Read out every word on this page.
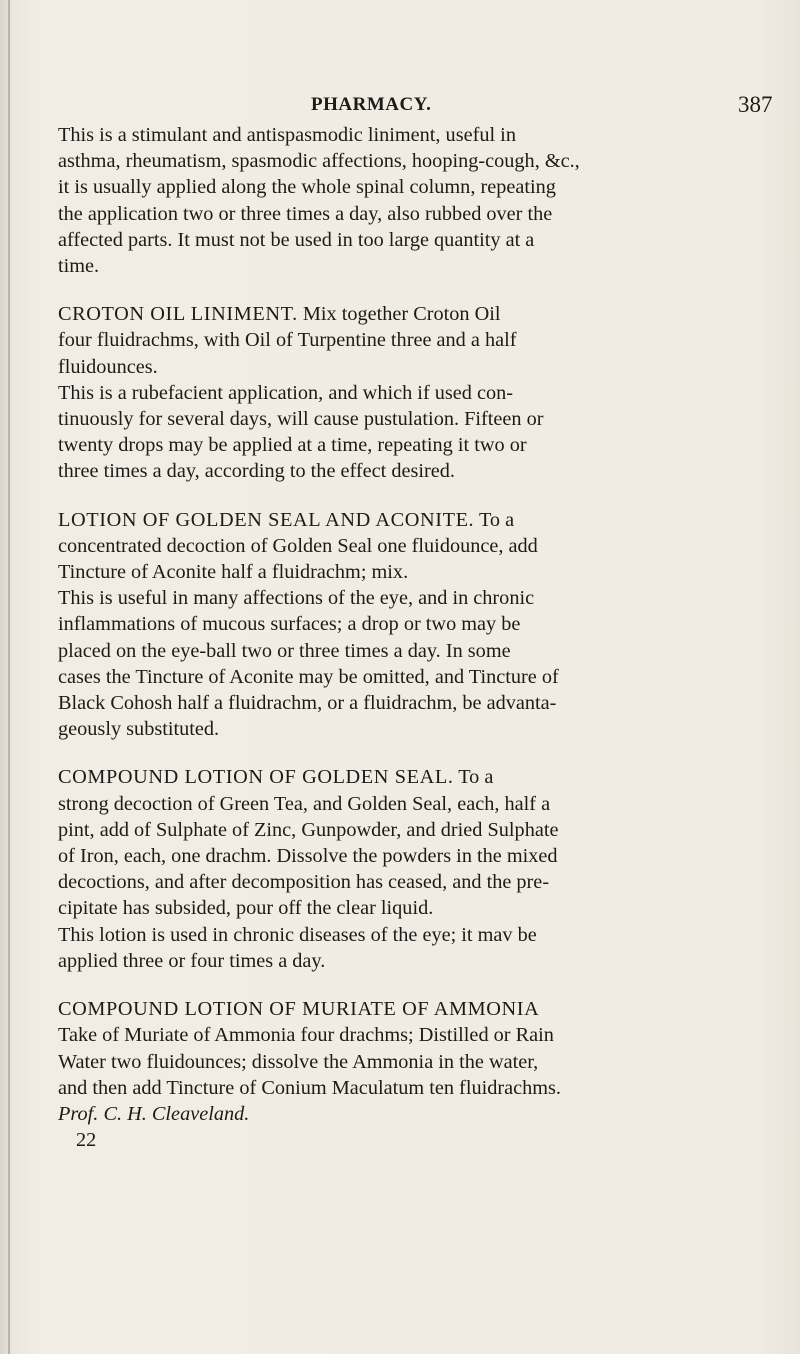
PHARMACY.	387

This is a stimulant and antispasmodic liniment, useful in
asthma, rheumatism, spasmodic affections, hooping-cough, &c.,
it is usually applied along the whole spinal column, repeating
the application two or three times a day, also rubbed over the
affected parts. It must not be used in too large quantity at a
time.

CROTON OIL LINIMENT. Mix together Croton Oil
four fluidrachms, with Oil of Turpentine three and a half
fluidounces.
This is a rubefacient application, and which if used con-
tinuously for several days, will cause pustulation. Fifteen or
twenty drops may be applied at a time, repeating it two or
three times a day, according to the effect desired.

LOTION OF GOLDEN SEAL AND ACONITE. To a
concentrated decoction of Golden Seal one fluidounce, add
Tincture of Aconite half a fluidrachm; mix.
This is useful in many affections of the eye, and in chronic
inflammations of mucous surfaces; a drop or two may be
placed on the eye-ball two or three times a day. In some
cases the Tincture of Aconite may be omitted, and Tincture of
Black Cohosh half a fluidrachm, or a fluidrachm, be advanta-
geously substituted.

COMPOUND LOTION OF GOLDEN SEAL. To a
strong decoction of Green Tea, and Golden Seal, each, half a
pint, add of Sulphate of Zinc, Gunpowder, and dried Sulphate
of Iron, each, one drachm. Dissolve the powders in the mixed
decoctions, and after decomposition has ceased, and the pre-
cipitate has subsided, pour off the clear liquid.
This lotion is used in chronic diseases of the eye; it mav be
applied three or four times a day.

COMPOUND LOTION OF MURIATE OF AMMONIA
Take of Muriate of Ammonia four drachms; Distilled or Rain
Water two fluidounces; dissolve the Ammonia in the water,
and then add Tincture of Conium Maculatum ten fluidrachms.
Prof. C. H. Cleaveland.
22
